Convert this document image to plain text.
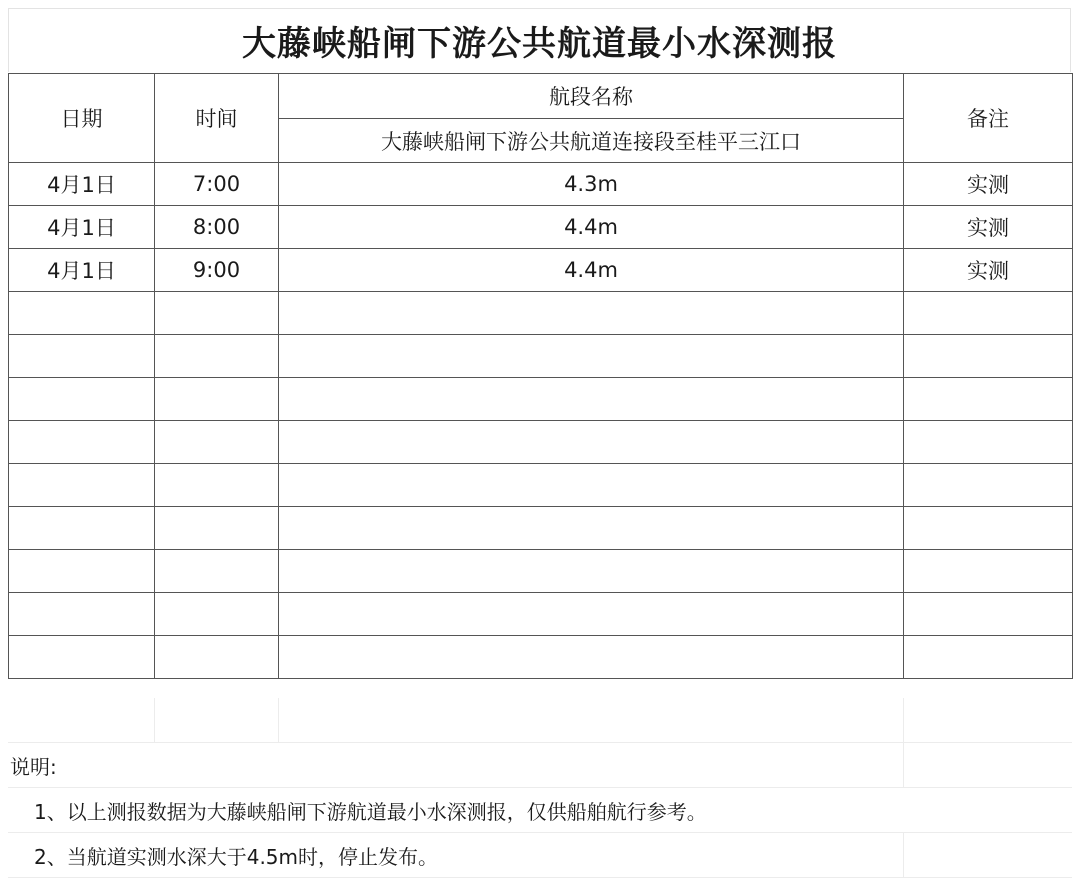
大藤峡船闸下游公共航道最小水深测报
日期	时间	航段名称	备注
		大藤峡船闸下游公共航道连接段至桂平三江口	
4月1日	7:00	4.3m	实测
4月1日	8:00	4.4m	实测
4月1日	9:00	4.4m	实测

说明:
1、以上测报数据为大藤峡船闸下游航道最小水深测报，仅供船舶航行参考。
2、当航道实测水深大于4.5m时，停止发布。
